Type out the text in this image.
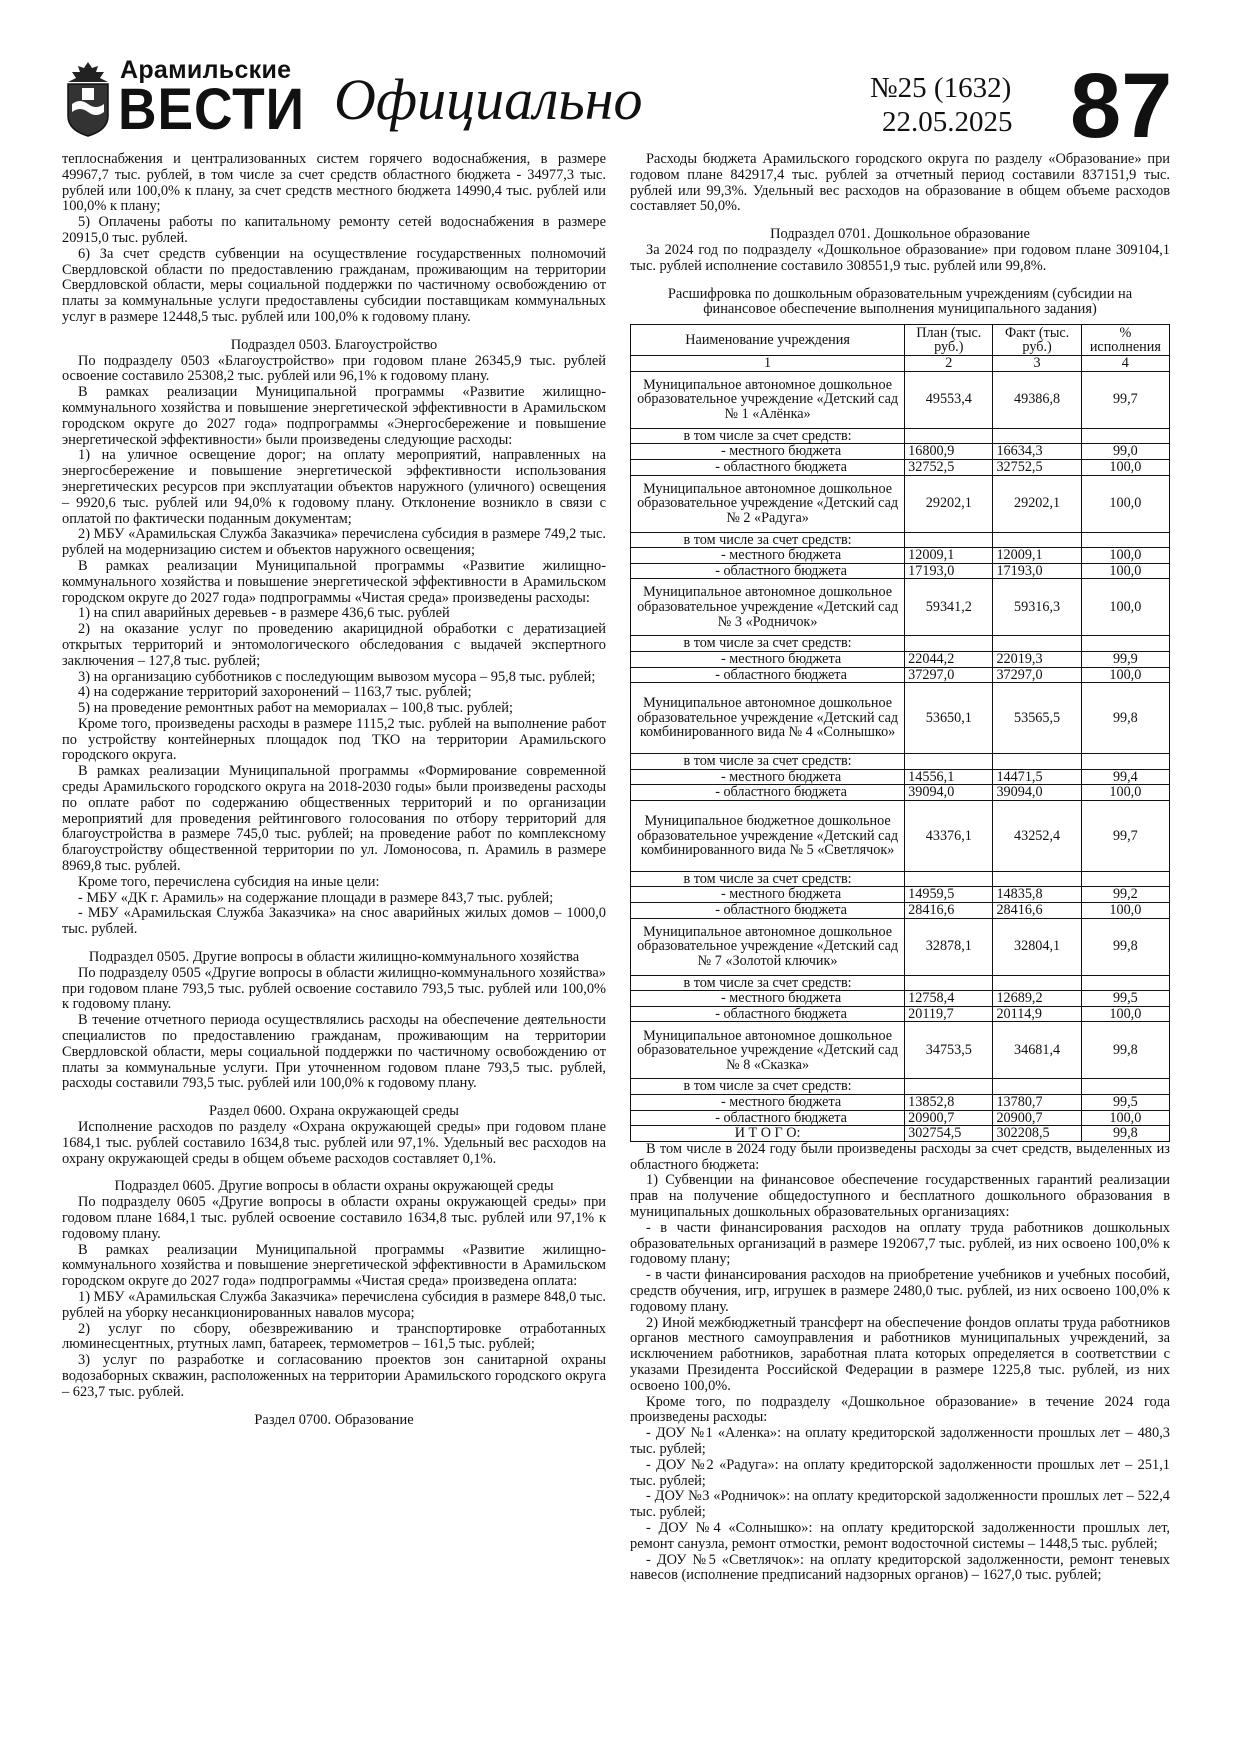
Арамильские
ВЕСТИ Официально	№25 (1632)
22.05.2025 87

теплоснабжения и централизованных систем горячего водоснабжения, в размере 49967,7 тыс. рублей, в том числе за счет средств областного бюджета - 34977,3 тыс. рублей или 100,0% к плану, за счет средств местного бюджета 14990,4 тыс. рублей или 100,0% к плану;

5) Оплачены работы по капитальному ремонту сетей водоснабжения в размере 20915,0 тыс. рублей.

6) За счет средств субвенции на осуществление государственных полномочий Свердловской области по предоставлению гражданам, проживающим на территории Свердловской области, меры социальной поддержки по частичному освобождению от платы за коммунальные услуги предоставлены субсидии поставщикам коммунальных услуг в размере 12448,5 тыс. рублей или 100,0% к годовому плану.

Подраздел 0503. Благоустройство

По подразделу 0503 «Благоустройство» при годовом плане 26345,9 тыс. рублей освоение составило 25308,2 тыс. рублей или 96,1% к годовому плану.

В рамках реализации Муниципальной программы «Развитие жилищно-коммунального хозяйства и повышение энергетической эффективности в Арамильском городском округе до 2027 года» подпрограммы «Энергосбережение и повышение энергетической эффективности» были произведены следующие расходы:

1) на уличное освещение дорог; на оплату мероприятий, направленных на энергосбережение и повышение энергетической эффективности использования энергетических ресурсов при эксплуатации объектов наружного (уличного) освещения – 9920,6 тыс. рублей или 94,0% к годовому плану. Отклонение возникло в связи с оплатой по фактически поданным документам;

2) МБУ «Арамильская Служба Заказчика» перечислена субсидия в размере 749,2 тыс. рублей на модернизацию систем и объектов наружного освещения;

В рамках реализации Муниципальной программы «Развитие жилищно-коммунального хозяйства и повышение энергетической эффективности в Арамильском городском округе до 2027 года» подпрограммы «Чистая среда» произведены расходы:

1) на спил аварийных деревьев - в размере 436,6 тыс. рублей

2) на оказание услуг по проведению акарицидной обработки с дератизацией открытых территорий и энтомологического обследования с выдачей экспертного заключения – 127,8 тыс. рублей;

3) на организацию субботников с последующим вывозом мусора – 95,8 тыс. рублей;

4) на содержание территорий захоронений – 1163,7 тыс. рублей;

5) на проведение ремонтных работ на мемориалах – 100,8 тыс. рублей;

Кроме того, произведены расходы в размере 1115,2 тыс. рублей на выполнение работ по устройству контейнерных площадок под ТКО на территории Арамильского городского округа.

В рамках реализации Муниципальной программы «Формирование современной среды Арамильского городского округа на 2018-2030 годы» были произведены расходы по оплате работ по содержанию общественных территорий и по организации мероприятий для проведения рейтингового голосования по отбору территорий для благоустройства в размере 745,0 тыс. рублей; на проведение работ по комплексному благоустройству общественной территории по ул. Ломоносова, п. Арамиль в размере 8969,8 тыс. рублей.

Кроме того, перечислена субсидия на иные цели:

- МБУ «ДК г. Арамиль» на содержание площади в размере 843,7 тыс. рублей;

- МБУ «Арамильская Служба Заказчика» на снос аварийных жилых домов – 1000,0 тыс. рублей.

Подраздел 0505. Другие вопросы в области жилищно-коммунального хозяйства

По подразделу 0505 «Другие вопросы в области жилищно-коммунального хозяйства» при годовом плане 793,5 тыс. рублей освоение составило 793,5 тыс. рублей или 100,0% к годовому плану.

В течение отчетного периода осуществлялись расходы на обеспечение деятельности специалистов по предоставлению гражданам, проживающим на территории Свердловской области, меры социальной поддержки по частичному освобождению от платы за коммунальные услуги. При уточненном годовом плане 793,5 тыс. рублей, расходы составили 793,5 тыс. рублей или 100,0% к годовому плану.

Раздел 0600. Охрана окружающей среды

Исполнение расходов по разделу «Охрана окружающей среды» при годовом плане 1684,1 тыс. рублей составило 1634,8 тыс. рублей или 97,1%. Удельный вес расходов на охрану окружающей среды в общем объеме расходов составляет 0,1%.

Подраздел 0605. Другие вопросы в области охраны окружающей среды

По подразделу 0605 «Другие вопросы в области охраны окружающей среды» при годовом плане 1684,1 тыс. рублей освоение составило 1634,8 тыс. рублей или 97,1% к годовому плану.

В рамках реализации Муниципальной программы «Развитие жилищно-коммунального хозяйства и повышение энергетической эффективности в Арамильском городском округе до 2027 года» подпрограммы «Чистая среда» произведена оплата:

1) МБУ «Арамильская Служба Заказчика» перечислена субсидия в размере 848,0 тыс. рублей на уборку несанкционированных навалов мусора;

2) услуг по сбору, обезвреживанию и транспортировке отработанных люминесцентных, ртутных ламп, батареек, термометров – 161,5 тыс. рублей;

3) услуг по разработке и согласованию проектов зон санитарной охраны водозаборных скважин, расположенных на территории Арамильского городского округа – 623,7 тыс. рублей.

Раздел 0700. Образование

Расходы бюджета Арамильского городского округа по разделу «Образование» при годовом плане 842917,4 тыс. рублей за отчетный период составили 837151,9 тыс. рублей или 99,3%. Удельный вес расходов на образование в общем объеме расходов составляет 50,0%.

Подраздел 0701. Дошкольное образование

За 2024 год по подразделу «Дошкольное образование» при годовом плане 309104,1 тыс. рублей исполнение составило 308551,9 тыс. рублей или 99,8%.

Расшифровка по дошкольным образовательным учреждениям (субсидии на финансовое обеспечение выполнения муниципального задания)
Наименование учреждения	План (тыс. руб.)	Факт (тыс. руб.)	% исполнения
1	2	3	4
Муниципальное автономное дошкольное образовательное учреждение «Детский сад № 1 «Алёнка»	49553,4	49386,8	99,7
в том числе за счет средств:			
- местного бюджета	16800,9	16634,3	99,0
- областного бюджета	32752,5	32752,5	100,0
Муниципальное автономное дошкольное образовательное учреждение «Детский сад № 2 «Радуга»	29202,1	29202,1	100,0
в том числе за счет средств:			
- местного бюджета	12009,1	12009,1	100,0
- областного бюджета	17193,0	17193,0	100,0
Муниципальное автономное дошкольное образовательное учреждение «Детский сад № 3 «Родничок»	59341,2	59316,3	100,0
в том числе за счет средств:			
- местного бюджета	22044,2	22019,3	99,9
- областного бюджета	37297,0	37297,0	100,0
Муниципальное автономное дошкольное образовательное учреждение «Детский сад комбинированного вида № 4 «Солнышко»	53650,1	53565,5	99,8
в том числе за счет средств:			
- местного бюджета	14556,1	14471,5	99,4
- областного бюджета	39094,0	39094,0	100,0
Муниципальное бюджетное дошкольное образовательное учреждение «Детский сад комбинированного вида № 5 «Светлячок»	43376,1	43252,4	99,7
в том числе за счет средств:			
- местного бюджета	14959,5	14835,8	99,2
- областного бюджета	28416,6	28416,6	100,0
Муниципальное автономное дошкольное образовательное учреждение «Детский сад № 7 «Золотой ключик»	32878,1	32804,1	99,8
в том числе за счет средств:			
- местного бюджета	12758,4	12689,2	99,5
- областного бюджета	20119,7	20114,9	100,0
Муниципальное автономное дошкольное образовательное учреждение «Детский сад № 8 «Сказка»	34753,5	34681,4	99,8
в том числе за счет средств:			
- местного бюджета	13852,8	13780,7	99,5
- областного бюджета	20900,7	20900,7	100,0
И Т О Г О:	302754,5	302208,5	99,8

В том числе в 2024 году были произведены расходы за счет средств, выделенных из областного бюджета:

1) Субвенции на финансовое обеспечение государственных гарантий реализации прав на получение общедоступного и бесплатного дошкольного образования в муниципальных дошкольных образовательных организациях:

- в части финансирования расходов на оплату труда работников дошкольных образовательных организаций в размере 192067,7 тыс. рублей, из них освоено 100,0% к годовому плану;

- в части финансирования расходов на приобретение учебников и учебных пособий, средств обучения, игр, игрушек в размере 2480,0 тыс. рублей, из них освоено 100,0% к годовому плану.

2) Иной межбюджетный трансферт на обеспечение фондов оплаты труда работников органов местного самоуправления и работников муниципальных учреждений, за исключением работников, заработная плата которых определяется в соответствии с указами Президента Российской Федерации в размере 1225,8 тыс. рублей, из них освоено 100,0%.

Кроме того, по подразделу «Дошкольное образование» в течение 2024 года произведены расходы:

- ДОУ №1 «Аленка»: на оплату кредиторской задолженности прошлых лет – 480,3 тыс. рублей;

- ДОУ №2 «Радуга»: на оплату кредиторской задолженности прошлых лет – 251,1 тыс. рублей;

- ДОУ №3 «Родничок»: на оплату кредиторской задолженности прошлых лет – 522,4 тыс. рублей;

- ДОУ №4 «Солнышко»: на оплату кредиторской задолженности прошлых лет, ремонт санузла, ремонт отмостки, ремонт водосточной системы – 1448,5 тыс. рублей;

- ДОУ №5 «Светлячок»: на оплату кредиторской задолженности, ремонт теневых навесов (исполнение предписаний надзорных органов) – 1627,0 тыс. рублей;
